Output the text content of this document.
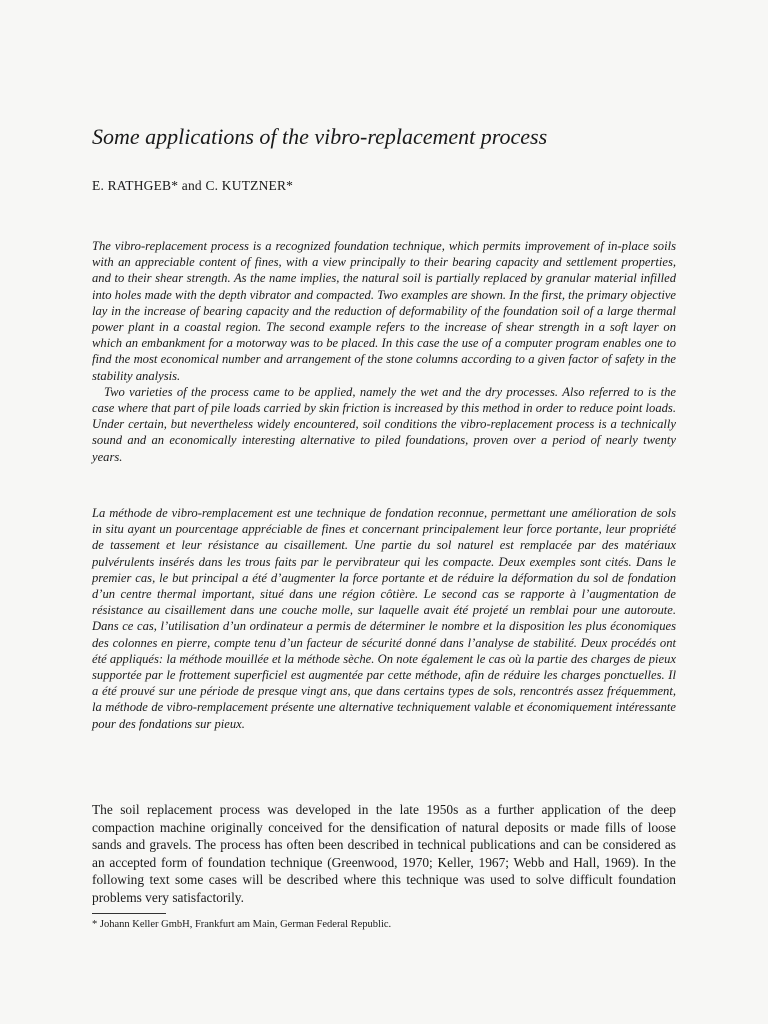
Some applications of the vibro-replacement process
E. RATHGEB* and C. KUTZNER*

The vibro-replacement process is a recognized foundation technique, which permits improvement of in-place soils with an appreciable content of fines, with a view principally to their bearing capacity and settlement properties, and to their shear strength. As the name implies, the natural soil is partially replaced by granular material infilled into holes made with the depth vibrator and compacted. Two examples are shown. In the first, the primary objective lay in the increase of bearing capacity and the reduction of deformability of the foundation soil of a large thermal power plant in a coastal region. The second example refers to the increase of shear strength in a soft layer on which an embankment for a motorway was to be placed. In this case the use of a computer program enables one to find the most economical number and arrangement of the stone columns according to a given factor of safety in the stability analysis.

Two varieties of the process came to be applied, namely the wet and the dry processes. Also referred to is the case where that part of pile loads carried by skin friction is increased by this method in order to reduce point loads. Under certain, but nevertheless widely encountered, soil conditions the vibro-replacement process is a technically sound and an economically interesting alternative to piled foundations, proven over a period of nearly twenty years.

La méthode de vibro-remplacement est une technique de fondation reconnue, permettant une amélioration de sols in situ ayant un pourcentage appréciable de fines et concernant principalement leur force portante, leur propriété de tassement et leur résistance au cisaillement. Une partie du sol naturel est remplacée par des matériaux pulvérulents insérés dans les trous faits par le pervibrateur qui les compacte. Deux exemples sont cités. Dans le premier cas, le but principal a été d’augmenter la force portante et de réduire la déformation du sol de fondation d’un centre thermal important, situé dans une région côtière. Le second cas se rapporte à l’augmentation de résistance au cisaillement dans une couche molle, sur laquelle avait été projeté un remblai pour une autoroute. Dans ce cas, l’utilisation d’un ordinateur a permis de déterminer le nombre et la disposition les plus économiques des colonnes en pierre, compte tenu d’un facteur de sécurité donné dans l’analyse de stabilité. Deux procédés ont été appliqués: la méthode mouillée et la méthode sèche. On note également le cas où la partie des charges de pieux supportée par le frottement superficiel est augmentée par cette méthode, afin de réduire les charges ponctuelles. Il a été prouvé sur une période de presque vingt ans, que dans certains types de sols, rencontrés assez fréquemment, la méthode de vibro-remplacement présente une alternative techniquement valable et économiquement intéressante pour des fondations sur pieux.

The soil replacement process was developed in the late 1950s as a further application of the deep compaction machine originally conceived for the densification of natural deposits or made fills of loose sands and gravels. The process has often been described in technical publications and can be considered as an accepted form of foundation technique (Greenwood, 1970; Keller, 1967; Webb and Hall, 1969). In the following text some cases will be described where this technique was used to solve difficult foundation problems very satisfactorily.

* Johann Keller GmbH, Frankfurt am Main, German Federal Republic.
